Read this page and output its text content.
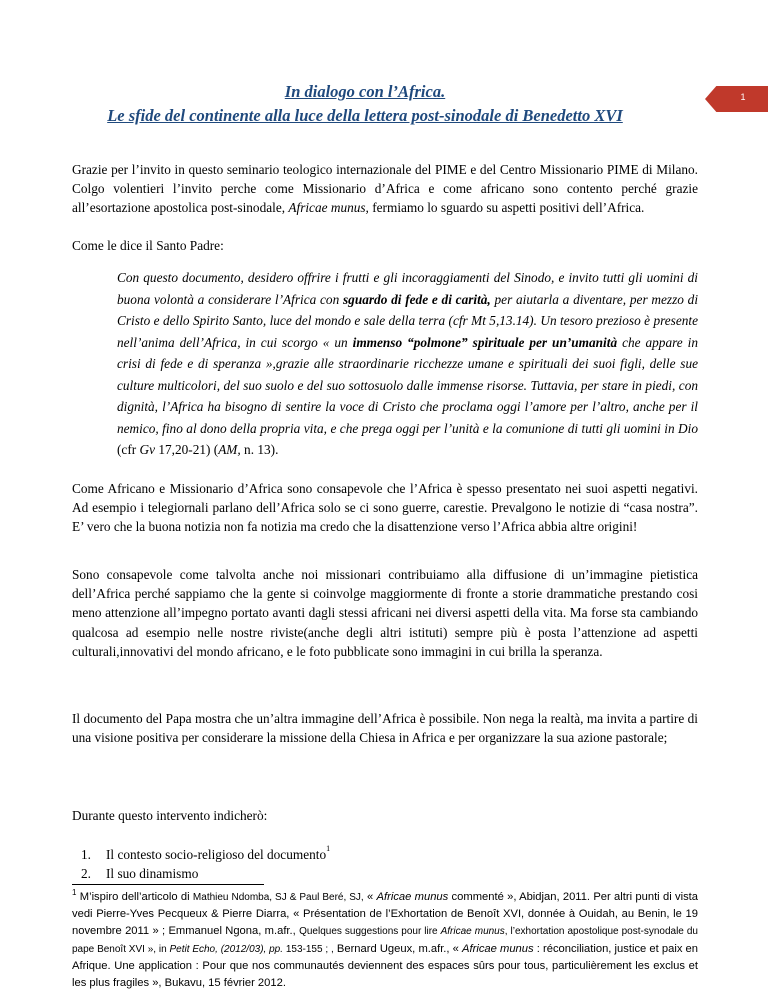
In dialogo con l’Africa.
Le sfide del continente alla luce della lettera post-sinodale di Benedetto XVI
1
Grazie per l’invito in questo seminario teologico internazionale del PIME e del Centro Missionario PIME di Milano. Colgo volentieri l’invito perche come Missionario d’Africa e come africano sono contento perché grazie all’esortazione apostolica post-sinodale, Africae munus, fermiamo lo sguardo su aspetti positivi dell’Africa.
Come le dice il Santo Padre:
Con questo documento, desidero offrire i frutti e gli incoraggiamenti del Sinodo, e invito tutti gli uomini di buona volontà a considerare l’Africa con sguardo di fede e di carità, per aiutarla a diventare, per mezzo di Cristo e dello Spirito Santo, luce del mondo e sale della terra (cfr Mt 5,13.14). Un tesoro prezioso è presente nell’anima dell’Africa, in cui scorgo « un immenso “polmone” spirituale per un’umanità che appare in crisi di fede e di speranza »,grazie alle straordinarie ricchezze umane e spirituali dei suoi figli, delle sue culture multicolori, del suo suolo e del suo sottosuolo dalle immense risorse. Tuttavia, per stare in piedi, con dignità, l’Africa ha bisogno di sentire la voce di Cristo che proclama oggi l’amore per l’altro, anche per il nemico, fino al dono della propria vita, e che prega oggi per l’unità e la comunione di tutti gli uomini in Dio (cfr Gv 17,20-21) (AM, n. 13).
Come Africano e Missionario d’Africa sono consapevole che l’Africa è spesso presentato nei suoi aspetti negativi. Ad esempio i telegiornali parlano dell’Africa solo se ci sono guerre, carestie. Prevalgono le notizie di “casa nostra”. E’ vero che la buona notizia non fa notizia ma credo che la disattenzione verso l’Africa abbia altre origini!
Sono consapevole come talvolta anche noi missionari contribuiamo alla diffusione di un’immagine pietistica dell’Africa perché sappiamo che la gente si coinvolge maggiormente di fronte a storie drammatiche prestando cosi meno attenzione all’impegno portato avanti dagli stessi africani nei diversi aspetti della vita. Ma forse sta cambiando qualcosa ad esempio nelle nostre riviste(anche degli altri istituti) sempre più è posta l’attenzione ad aspetti culturali,innovativi del mondo africano, e le foto pubblicate sono immagini in cui brilla la speranza.
Il documento del Papa mostra che un’altra immagine dell’Africa è possibile. Non nega la realtà, ma invita a partire di una visione positiva per considerare la missione della Chiesa in Africa e per organizzare la sua azione pastorale;
Durante questo intervento indicherò:
1.	Il contesto socio-religioso del documento$^1$
2.	Il suo dinamismo
$^1$ M’ispiro dell’articolo di Mathieu Ndomba, SJ & Paul Beré, SJ, « Africae munus commenté », Abidjan, 2011. Per altri punti di vista vedi Pierre-Yves Pecqueux & Pierre Diarra, « Présentation de l’Exhortation de Benoît XVI, donnée à Ouidah, au Benin, le 19 novembre 2011 » ; Emmanuel Ngona, m.afr., Quelques suggestions pour lire Africae munus, l’exhortation apostolique post-synodale du pape Benoît XVI », in Petit Echo, (2012/03), pp. 153-155 ; , Bernard Ugeux, m.afr., « Africae munus : réconciliation, justice et paix en Afrique. Une application : Pour que nos communautés deviennent des espaces sûrs pour tous, particulièrement les exclus et les plus fragiles », Bukavu, 15 février 2012.
